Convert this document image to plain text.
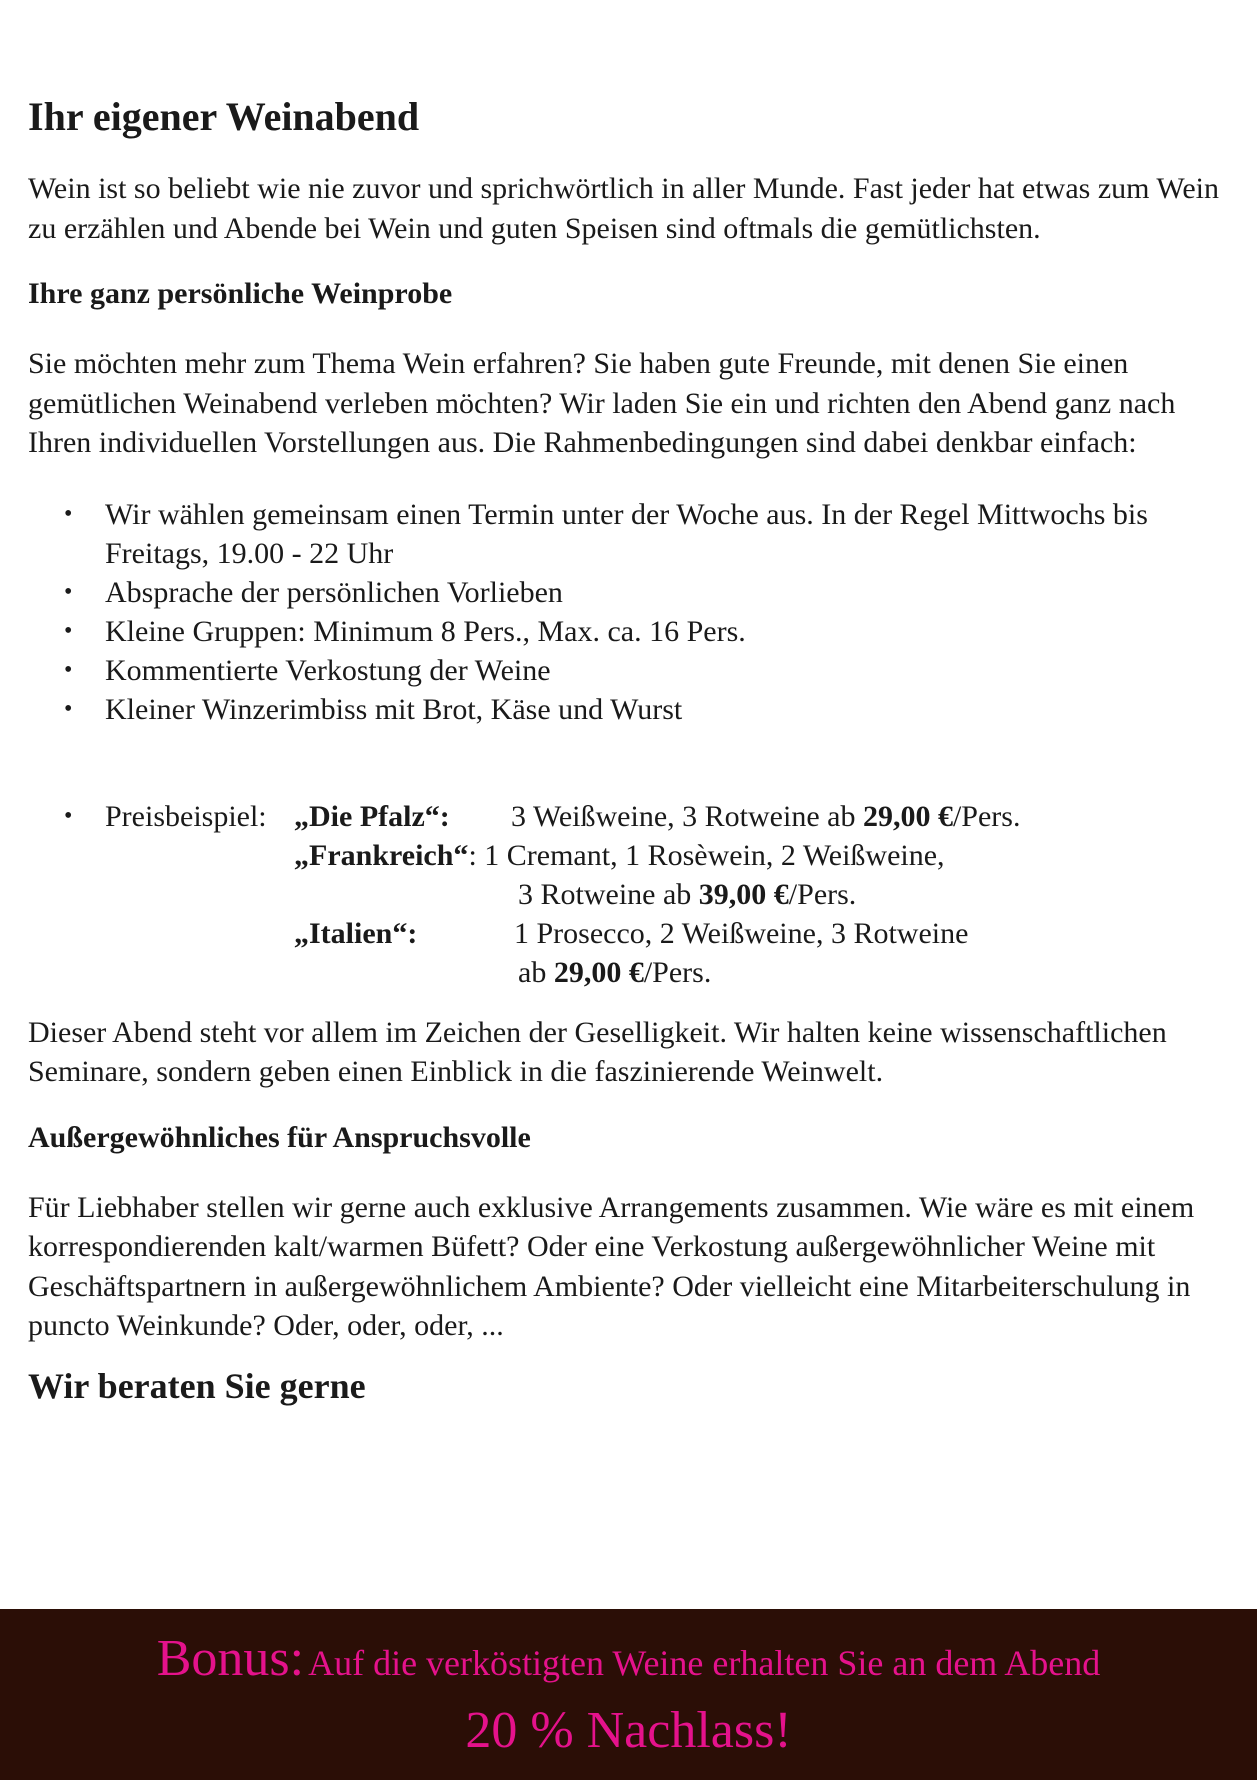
Ihr eigener Weinabend

Wein ist so beliebt wie nie zuvor und sprichwörtlich in aller Munde. Fast jeder hat etwas zum Wein zu erzählen und Abende bei Wein und guten Speisen sind oftmals die gemütlichsten.

Ihre ganz persönliche Weinprobe

Sie möchten mehr zum Thema Wein erfahren? Sie haben gute Freunde, mit denen Sie einen gemütlichen Weinabend verleben möchten? Wir laden Sie ein und richten den Abend ganz nach Ihren individuellen Vorstellungen aus. Die Rahmenbedingungen sind dabei denkbar einfach:

• Wir wählen gemeinsam einen Termin unter der Woche aus. In der Regel Mittwochs bis Freitags, 19.00 - 22 Uhr
• Absprache der persönlichen Vorlieben
• Kleine Gruppen: Minimum 8 Pers., Max. ca. 16 Pers.
• Kommentierte Verkostung der Weine
• Kleiner Winzerimbiss mit Brot, Käse und Wurst
• Preisbeispiel: „Die Pfalz“: 3 Weißweine, 3 Rotweine ab 29,00 €/Pers.
„Frankreich“: 1 Cremant, 1 Rosèwein, 2 Weißweine,
3 Rotweine ab 39,00 €/Pers.
„Italien“:	1 Prosecco, 2 Weißweine, 3 Rotweine
ab 29,00 €/Pers.

Dieser Abend steht vor allem im Zeichen der Geselligkeit. Wir halten keine wissenschaftlichen Seminare, sondern geben einen Einblick in die faszinierende Weinwelt.

Außergewöhnliches für Anspruchsvolle

Für Liebhaber stellen wir gerne auch exklusive Arrangements zusammen. Wie wäre es mit einem korrespondierenden kalt/warmen Büfett? Oder eine Verkostung außergewöhnlicher Weine mit Geschäftspartnern in außergewöhnlichem Ambiente? Oder vielleicht eine Mitarbeiterschulung in puncto Weinkunde? Oder, oder, oder, ...

Wir beraten Sie gerne
Bonus: Auf die verköstigten Weine erhalten Sie an dem Abend
20 % Nachlass!
